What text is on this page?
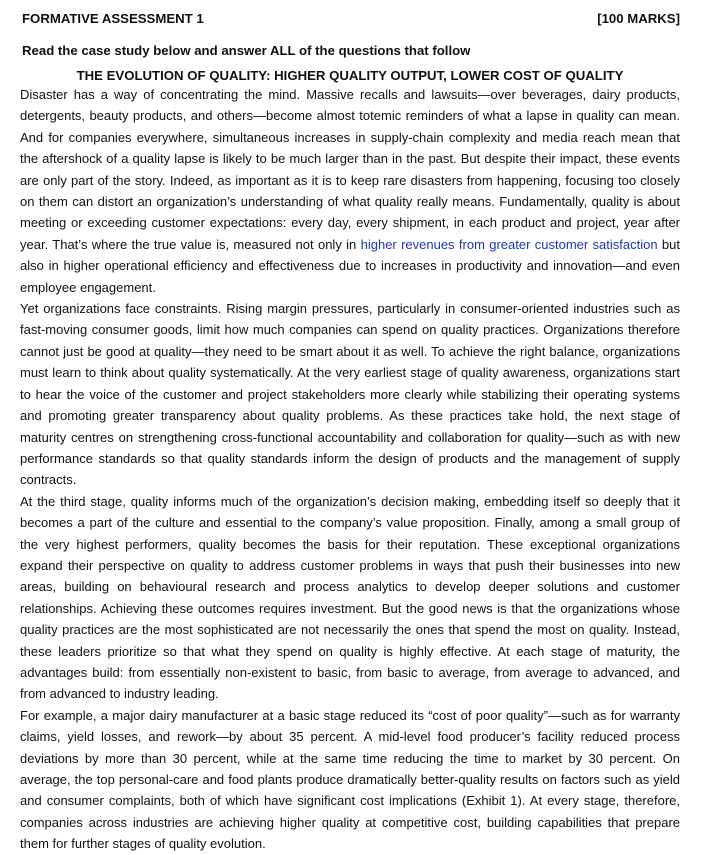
FORMATIVE ASSESSMENT 1	[100 MARKS]
Read the case study below and answer ALL of the questions that follow
THE EVOLUTION OF QUALITY: HIGHER QUALITY OUTPUT, LOWER COST OF QUALITY

Disaster has a way of concentrating the mind. Massive recalls and lawsuits—over beverages, dairy products, detergents, beauty products, and others—become almost totemic reminders of what a lapse in quality can mean. And for companies everywhere, simultaneous increases in supply-chain complexity and media reach mean that the aftershock of a quality lapse is likely to be much larger than in the past. But despite their impact, these events are only part of the story. Indeed, as important as it is to keep rare disasters from happening, focusing too closely on them can distort an organization’s understanding of what quality really means. Fundamentally, quality is about meeting or exceeding customer expectations: every day, every shipment, in each product and project, year after year. That’s where the true value is, measured not only in higher revenues from greater customer satisfaction but also in higher operational efficiency and effectiveness due to increases in productivity and innovation—and even employee engagement.

Yet organizations face constraints. Rising margin pressures, particularly in consumer-oriented industries such as fast-moving consumer goods, limit how much companies can spend on quality practices. Organizations therefore cannot just be good at quality—they need to be smart about it as well. To achieve the right balance, organizations must learn to think about quality systematically. At the very earliest stage of quality awareness, organizations start to hear the voice of the customer and project stakeholders more clearly while stabilizing their operating systems and promoting greater transparency about quality problems. As these practices take hold, the next stage of maturity centres on strengthening cross-functional accountability and collaboration for quality—such as with new performance standards so that quality standards inform the design of products and the management of supply contracts.

At the third stage, quality informs much of the organization’s decision making, embedding itself so deeply that it becomes a part of the culture and essential to the company’s value proposition. Finally, among a small group of the very highest performers, quality becomes the basis for their reputation. These exceptional organizations expand their perspective on quality to address customer problems in ways that push their businesses into new areas, building on behavioural research and process analytics to develop deeper solutions and customer relationships. Achieving these outcomes requires investment. But the good news is that the organizations whose quality practices are the most sophisticated are not necessarily the ones that spend the most on quality. Instead, these leaders prioritize so that what they spend on quality is highly effective. At each stage of maturity, the advantages build: from essentially non-existent to basic, from basic to average, from average to advanced, and from advanced to industry leading.

For example, a major dairy manufacturer at a basic stage reduced its “cost of poor quality”—such as for warranty claims, yield losses, and rework—by about 35 percent. A mid-level food producer’s facility reduced process deviations by more than 30 percent, while at the same time reducing the time to market by 30 percent. On average, the top personal-care and food plants produce dramatically better-quality results on factors such as yield and consumer complaints, both of which have significant cost implications (Exhibit 1). At every stage, therefore, companies across industries are achieving higher quality at competitive cost, building capabilities that prepare them for further stages of quality evolution.
